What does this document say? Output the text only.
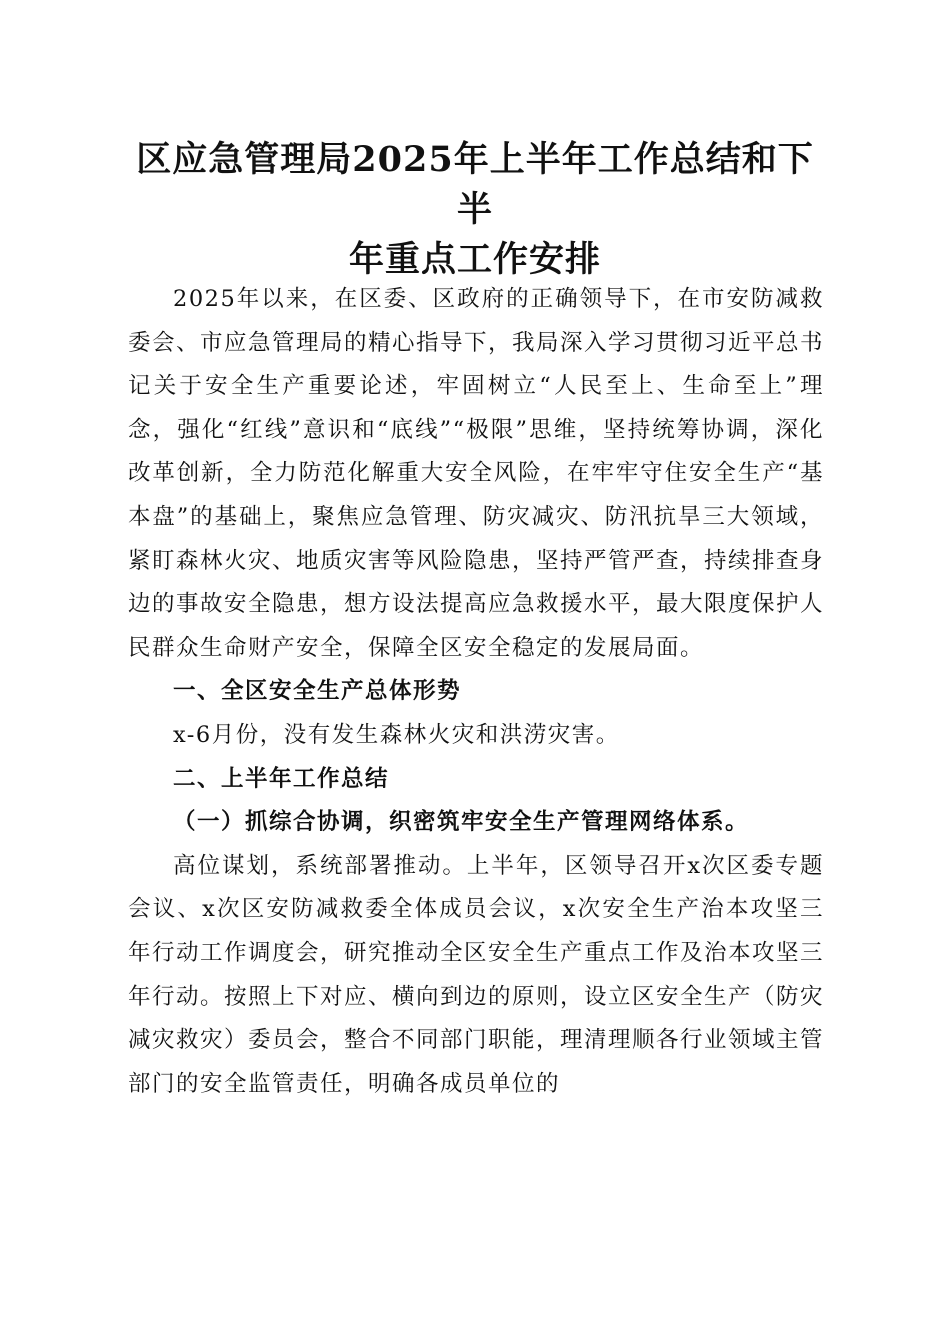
区应急管理局2025年上半年工作总结和下半
年重点工作安排

2025年以来，在区委、区政府的正确领导下，在市安防减救委会、市应急管理局的精心指导下，我局深入学习贯彻习近平总书记关于安全生产重要论述，牢固树立“人民至上、生命至上”理念，强化“红线”意识和“底线”“极限”思维，坚持统筹协调，深化改革创新，全力防范化解重大安全风险，在牢牢守住安全生产“基本盘”的基础上，聚焦应急管理、防灾减灾、防汛抗旱三大领域，紧盯森林火灾、地质灾害等风险隐患，坚持严管严查，持续排查身边的事故安全隐患，想方设法提高应急救援水平，最大限度保护人民群众生命财产安全，保障全区安全稳定的发展局面。

一、全区安全生产总体形势

x-6月份，没有发生森林火灾和洪涝灾害。

二、上半年工作总结

（一）抓综合协调，织密筑牢安全生产管理网络体系。

高位谋划，系统部署推动。上半年，区领导召开x次区委专题会议、x次区安防减救委全体成员会议，x次安全生产治本攻坚三年行动工作调度会，研究推动全区安全生产重点工作及治本攻坚三年行动。按照上下对应、横向到边的原则，设立区安全生产（防灾减灾救灾）委员会，整合不同部门职能，理清理顺各行业领域主管部门的安全监管责任，明确各成员单位的
